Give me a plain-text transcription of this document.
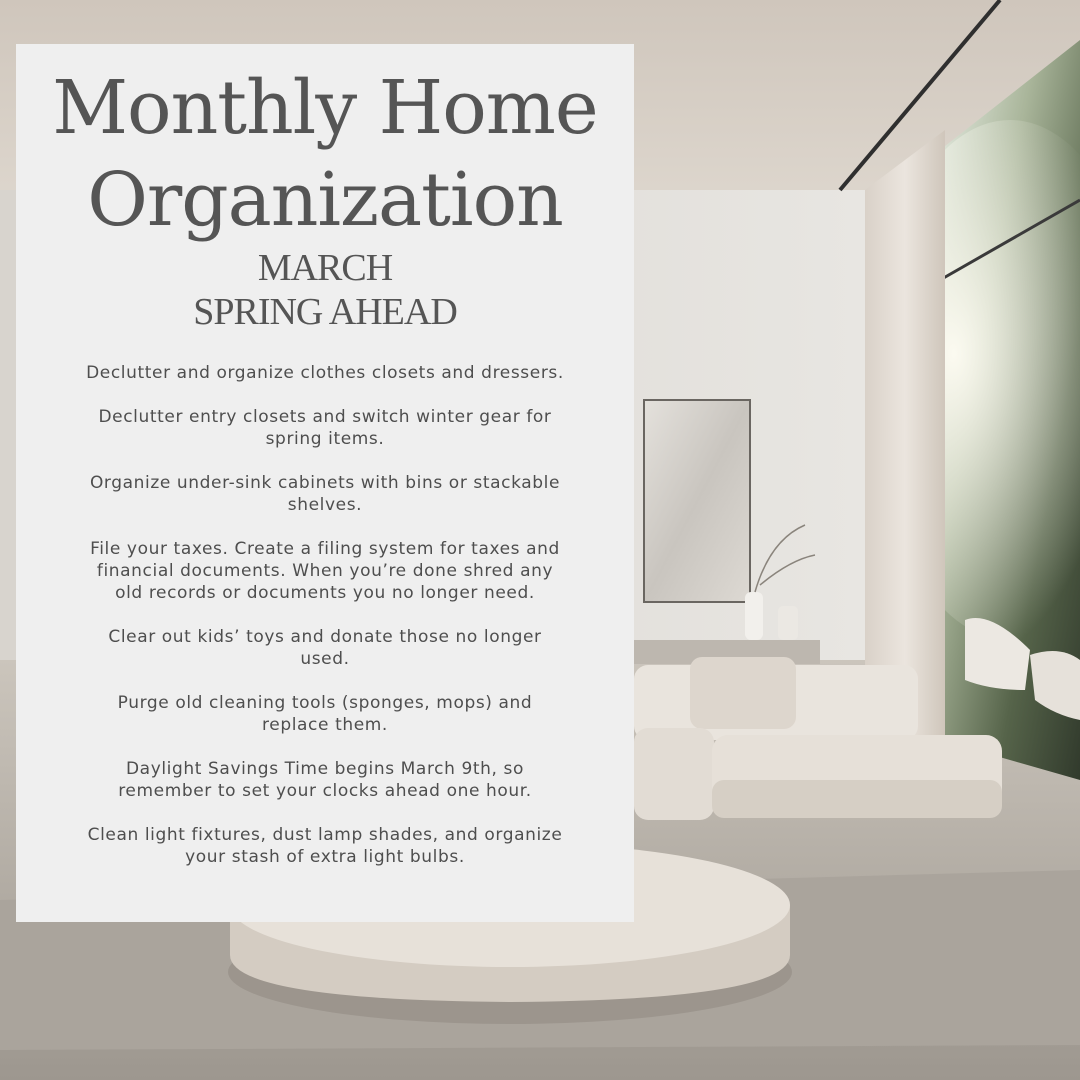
Monthly Home
Organization
MARCH
SPRING AHEAD

Declutter and organize clothes closets and dressers.

Declutter entry closets and switch winter gear for spring items.

Organize under-sink cabinets with bins or stackable shelves.

File your taxes. Create a filing system for taxes and financial documents. When you’re done shred any old records or documents you no longer need.

Clear out kids’ toys and donate those no longer used.

Purge old cleaning tools (sponges, mops) and replace them.

Daylight Savings Time begins March 9th, so remember to set your clocks ahead one hour.

Clean light fixtures, dust lamp shades, and organize your stash of extra light bulbs.
